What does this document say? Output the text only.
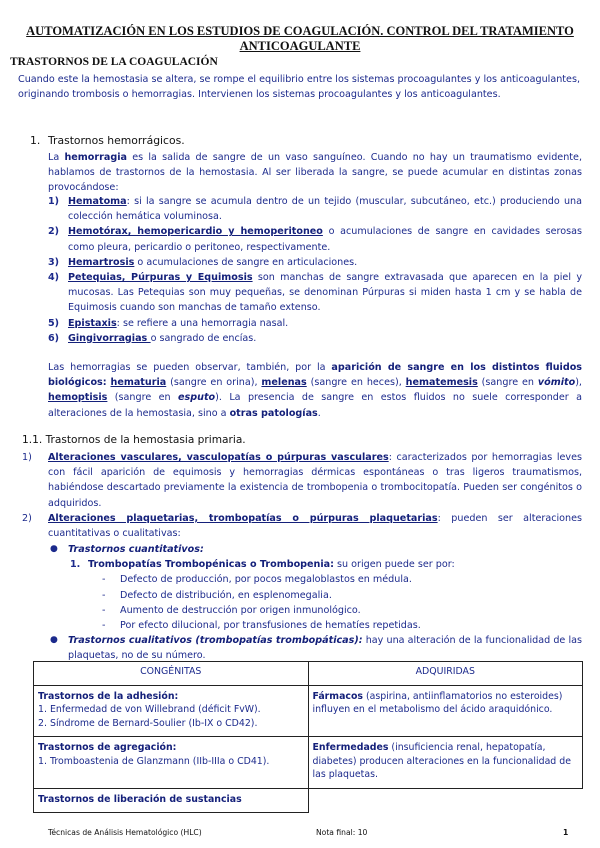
AUTOMATIZACIÓN EN LOS ESTUDIOS DE COAGULACIÓN. CONTROL DEL TRATAMIENTO
ANTICOAGULANTE
TRASTORNOS DE LA COAGULACIÓN
Cuando este la hemostasia se altera, se rompe el equilibrio entre los sistemas procoagulantes y los anticoagulantes, originando trombosis o hemorragias. Intervienen los sistemas procoagulantes y los anticoagulantes.
1. Trastornos hemorrágicos.
La hemorragia es la salida de sangre de un vaso sanguíneo. Cuando no hay un traumatismo evidente, hablamos de trastornos de la hemostasia. Al ser liberada la sangre, se puede acumular en distintas zonas provocándose:
1) Hematoma: si la sangre se acumula dentro de un tejido (muscular, subcutáneo, etc.) produciendo una colección hemática voluminosa.
2) Hemotórax, hemopericardio y hemoperitoneo o acumulaciones de sangre en cavidades serosas como pleura, pericardio o peritoneo, respectivamente.
3) Hemartrosis o acumulaciones de sangre en articulaciones.
4) Petequias, Púrpuras y Equimosis son manchas de sangre extravasada que aparecen en la piel y mucosas. Las Petequias son muy pequeñas, se denominan Púrpuras si miden hasta 1 cm y se habla de Equimosis cuando son manchas de tamaño extenso.
5) Epistaxis: se refiere a una hemorragia nasal.
6) Gingivorragias o sangrado de encías.
Las hemorragias se pueden observar, también, por la aparición de sangre en los distintos fluidos biológicos: hematuria (sangre en orina), melenas (sangre en heces), hematemesis (sangre en vómito), hemoptisis (sangre en esputo). La presencia de sangre en estos fluidos no suele corresponder a alteraciones de la hemostasia, sino a otras patologías.
1.1. Trastornos de la hemostasia primaria.
1) Alteraciones vasculares, vasculopatías o púrpuras vasculares: caracterizados por hemorragias leves con fácil aparición de equimosis y hemorragias dérmicas espontáneas o tras ligeros traumatismos, habiéndose descartado previamente la existencia de trombopenia o trombocitopatía. Pueden ser congénitos o adquiridos.
2) Alteraciones plaquetarias, trombopatías o púrpuras plaquetarias: pueden ser alteraciones cuantitativas o cualitativas:
● Trastornos cuantitativos:
1. Trombopatías Trombopénicas o Trombopenia: su origen puede ser por:
- Defecto de producción, por pocos megaloblastos en médula.
- Defecto de distribución, en esplenomegalia.
- Aumento de destrucción por origen inmunológico.
- Por efecto dilucional, por transfusiones de hematíes repetidas.
● Trastornos cualitativos (trombopatías trombopáticas): hay una alteración de la funcionalidad de las plaquetas, no de su número.
CONGÉNITAS	ADQUIRIDAS

Trastornos de la adhesión:
1. Enfermedad de von Willebrand (déficit FvW).
2. Síndrome de Bernard-Soulier (Ib-IX o CD42).	Fármacos (aspirina, antiinflamatorios no esteroides) influyen en el metabolismo del ácido araquidónico.

Trastornos de agregación:
1. Tromboastenia de Glanzmann (IIb-IIIa o CD41).	Enfermedades (insuficiencia renal, hepatopatía, diabetes) producen alteraciones en la funcionalidad de las plaquetas.

Trastornos de liberación de sustancias	

Técnicas de Análisis Hematológico (HLC)	Nota final: 10	1
